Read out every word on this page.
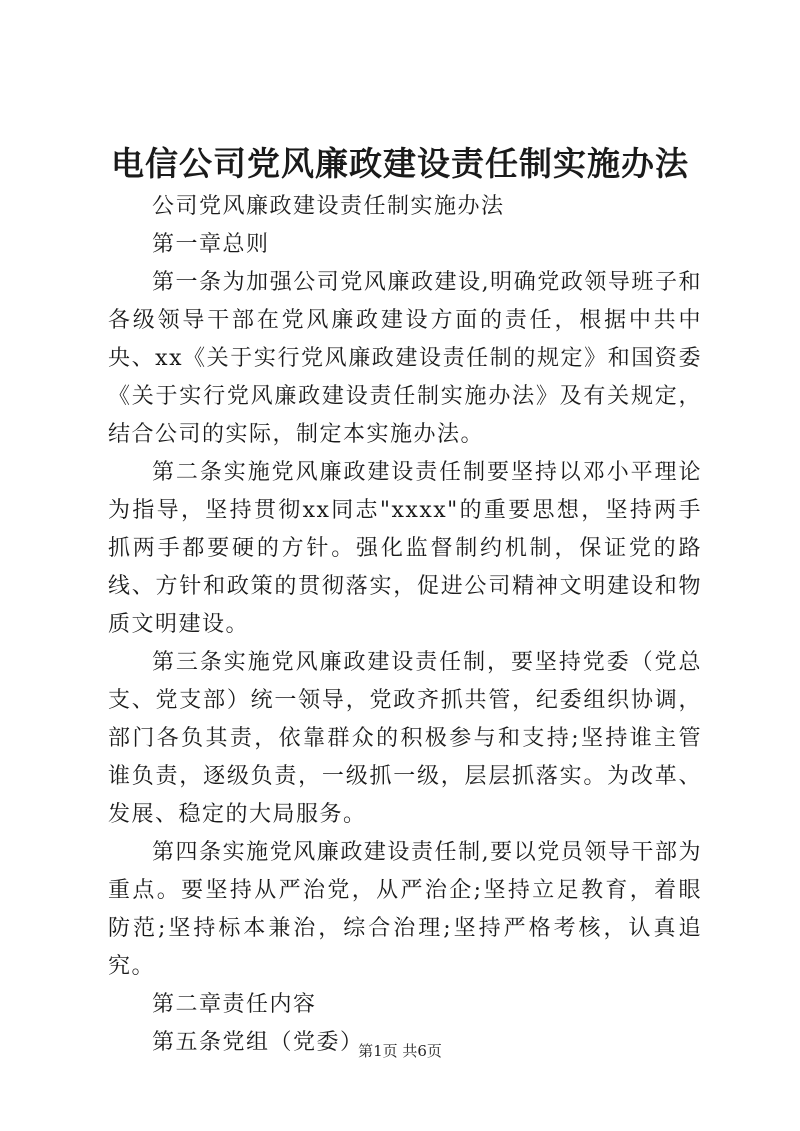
电信公司党风廉政建设责任制实施办法

公司党风廉政建设责任制实施办法

第一章总则

第一条为加强公司党风廉政建设,明确党政领导班子和各级领导干部在党风廉政建设方面的责任，根据中共中央、xx《关于实行党风廉政建设责任制的规定》和国资委《关于实行党风廉政建设责任制实施办法》及有关规定，结合公司的实际，制定本实施办法。

第二条实施党风廉政建设责任制要坚持以邓小平理论为指导，坚持贯彻xx同志"xxxx"的重要思想，坚持两手抓两手都要硬的方针。强化监督制约机制，保证党的路线、方针和政策的贯彻落实，促进公司精神文明建设和物质文明建设。

第三条实施党风廉政建设责任制，要坚持党委（党总支、党支部）统一领导，党政齐抓共管，纪委组织协调，部门各负其责，依靠群众的积极参与和支持;坚持谁主管谁负责，逐级负责，一级抓一级，层层抓落实。为改革、发展、稳定的大局服务。

第四条实施党风廉政建设责任制,要以党员领导干部为重点。要坚持从严治党，从严治企;坚持立足教育，着眼防范;坚持标本兼治，综合治理;坚持严格考核，认真追究。

第二章责任内容

第五条党组（党委）

第1页 共6页
